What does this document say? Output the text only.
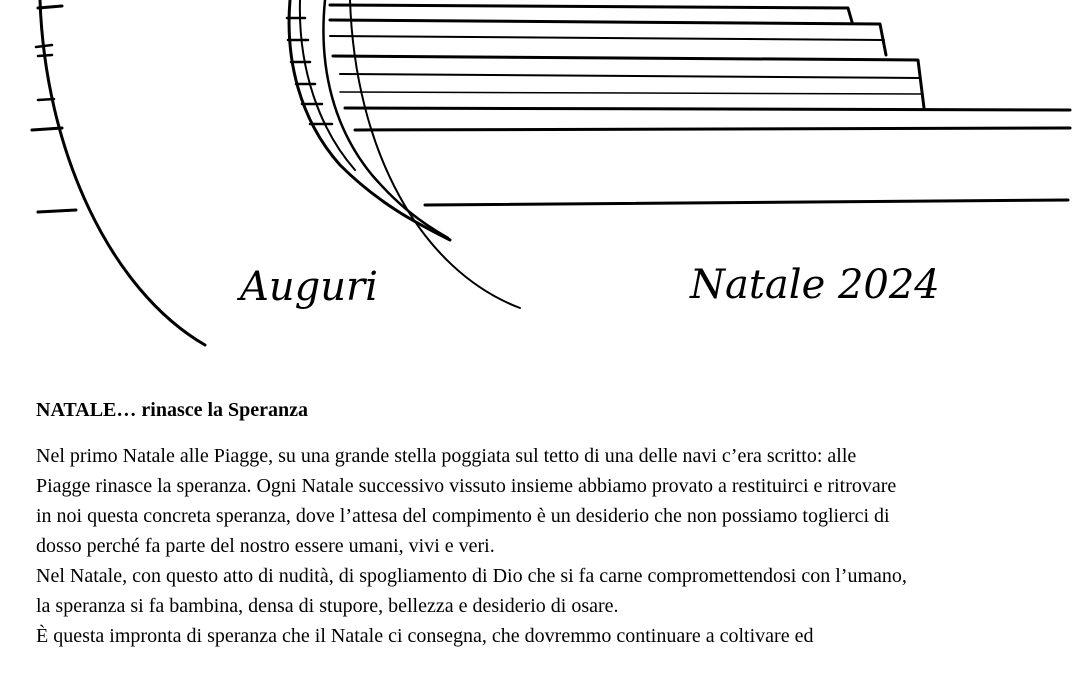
Auguri	Natale 2024
NATALE… rinasce la Speranza

Nel primo Natale alle Piagge, su una grande stella poggiata sul tetto di una delle navi c’era scritto: alle

Piagge rinasce la speranza. Ogni Natale successivo vissuto insieme abbiamo provato a restituirci e ritrovare

in noi questa concreta speranza, dove l’attesa del compimento è un desiderio che non possiamo toglierci di

dosso perché fa parte del nostro essere umani, vivi e veri.

Nel Natale, con questo atto di nudità, di spogliamento di Dio che si fa carne compromettendosi con l’umano,

la speranza si fa bambina, densa di stupore, bellezza e desiderio di osare.

È questa impronta di speranza che il Natale ci consegna, che dovremmo continuare a coltivare ed
